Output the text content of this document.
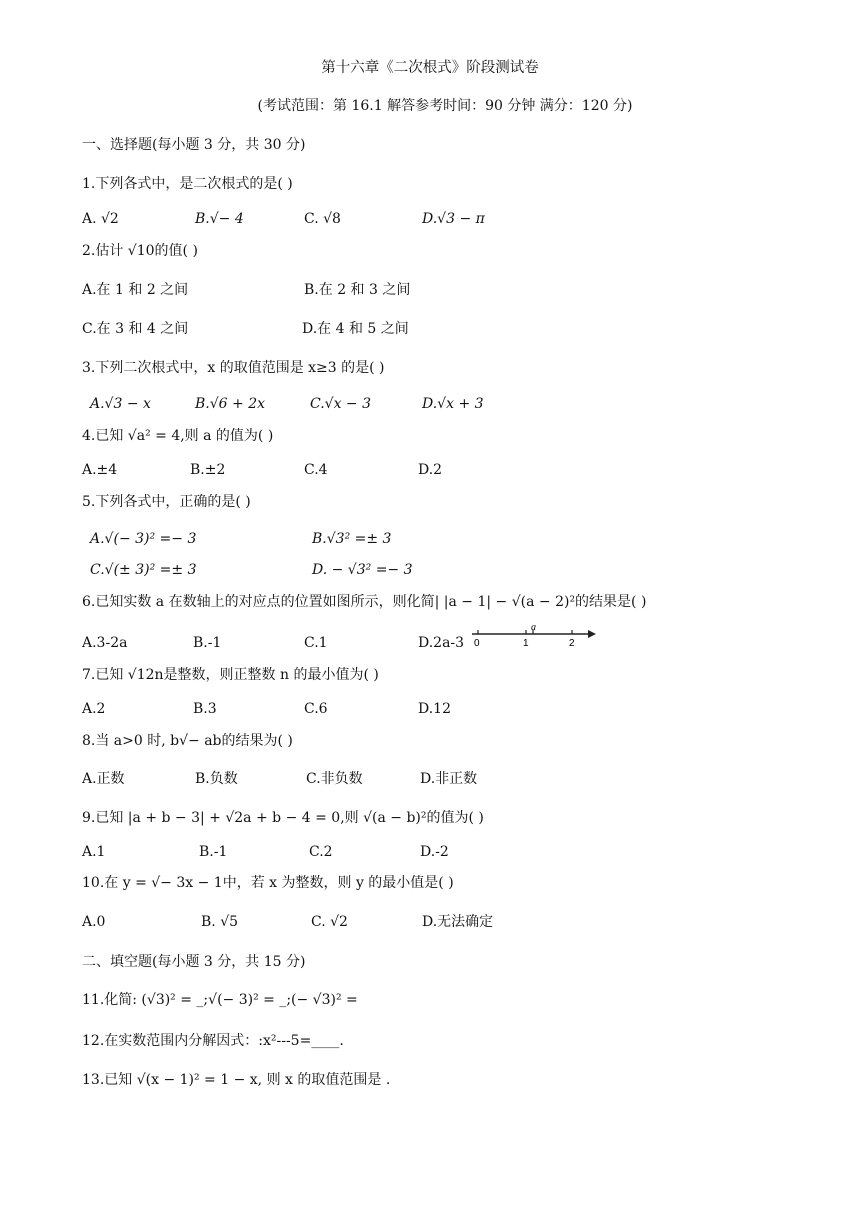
第十六章《二次根式》阶段测试卷
(考试范围：第 16.1 解答参考时间：90 分钟 满分：120 分)
一、选择题(每小题 3 分，共 30 分)
1.下列各式中，是二次根式的是( )
A. √2	B.√− 4	C. √8	D.√3 − π
2.估计 √10的值( )
A.在 1 和 2 之间	B.在 2 和 3 之间
C.在 3 和 4 之间	D.在 4 和 5 之间
3.下列二次根式中，x 的取值范围是 x≥3 的是( )
A.√3 − x	B.√6 + 2x	C.√x − 3	D.√x + 3
4.已知 √a² = 4,则 a 的值为( )
A.±4	B.±2	C.4	D.2
5.下列各式中，正确的是( )
A.√(− 3)² =− 3	B.√3² =± 3
C.√(± 3)² =± 3	D. − √3² =− 3
6.已知实数 a 在数轴上的对应点的位置如图所示，则化简| |a − 1| − √(a − 2)²的结果是( )
A.3-2a	B.-1	C.1	D.2a-3 0	1
a
2
7.已知 √12n是整数，则正整数 n 的最小值为( )
A.2	B.3	C.6	D.12
8.当 a>0 时, b√− ab的结果为( )
A.正数	B.负数	C.非负数	D.非正数
9.已知 |a + b − 3| + √2a + b − 4 = 0,则 √(a − b)²的值为( )
A.1	B.-1	C.2	D.-2
10.在 y = √− 3x − 1中，若 x 为整数，则 y 的最小值是( )
A.0	B. √5	C. √2	D.无法确定
二、填空题(每小题 3 分，共 15 分)
11.化简: (√3)² = _;√(− 3)² = _;(− √3)² =
12.在实数范围内分解因式：:x²---5=____.
13.已知 √(x − 1)² = 1 − x, 则 x 的取值范围是 .
